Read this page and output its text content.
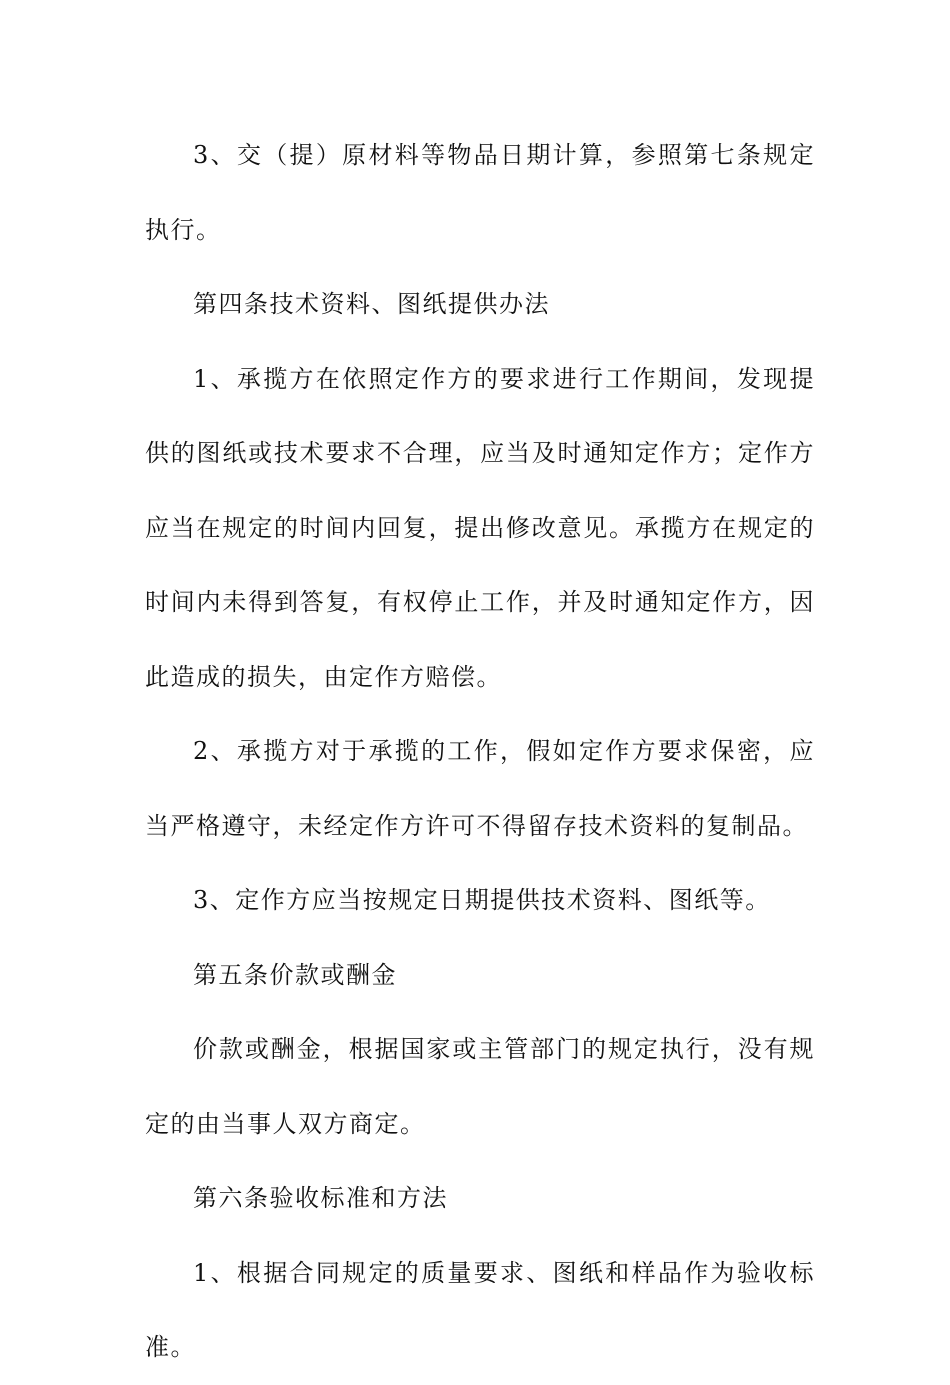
3、交（提）原材料等物品日期计算，参照第七条规定执行。

第四条技术资料、图纸提供办法

1、承揽方在依照定作方的要求进行工作期间，发现提供的图纸或技术要求不合理，应当及时通知定作方；定作方应当在规定的时间内回复，提出修改意见。承揽方在规定的时间内未得到答复，有权停止工作，并及时通知定作方，因此造成的损失，由定作方赔偿。

2、承揽方对于承揽的工作，假如定作方要求保密，应当严格遵守，未经定作方许可不得留存技术资料的复制品。

3、定作方应当按规定日期提供技术资料、图纸等。

第五条价款或酬金

价款或酬金，根据国家或主管部门的规定执行，没有规定的由当事人双方商定。

第六条验收标准和方法

1、根据合同规定的质量要求、图纸和样品作为验收标准。
